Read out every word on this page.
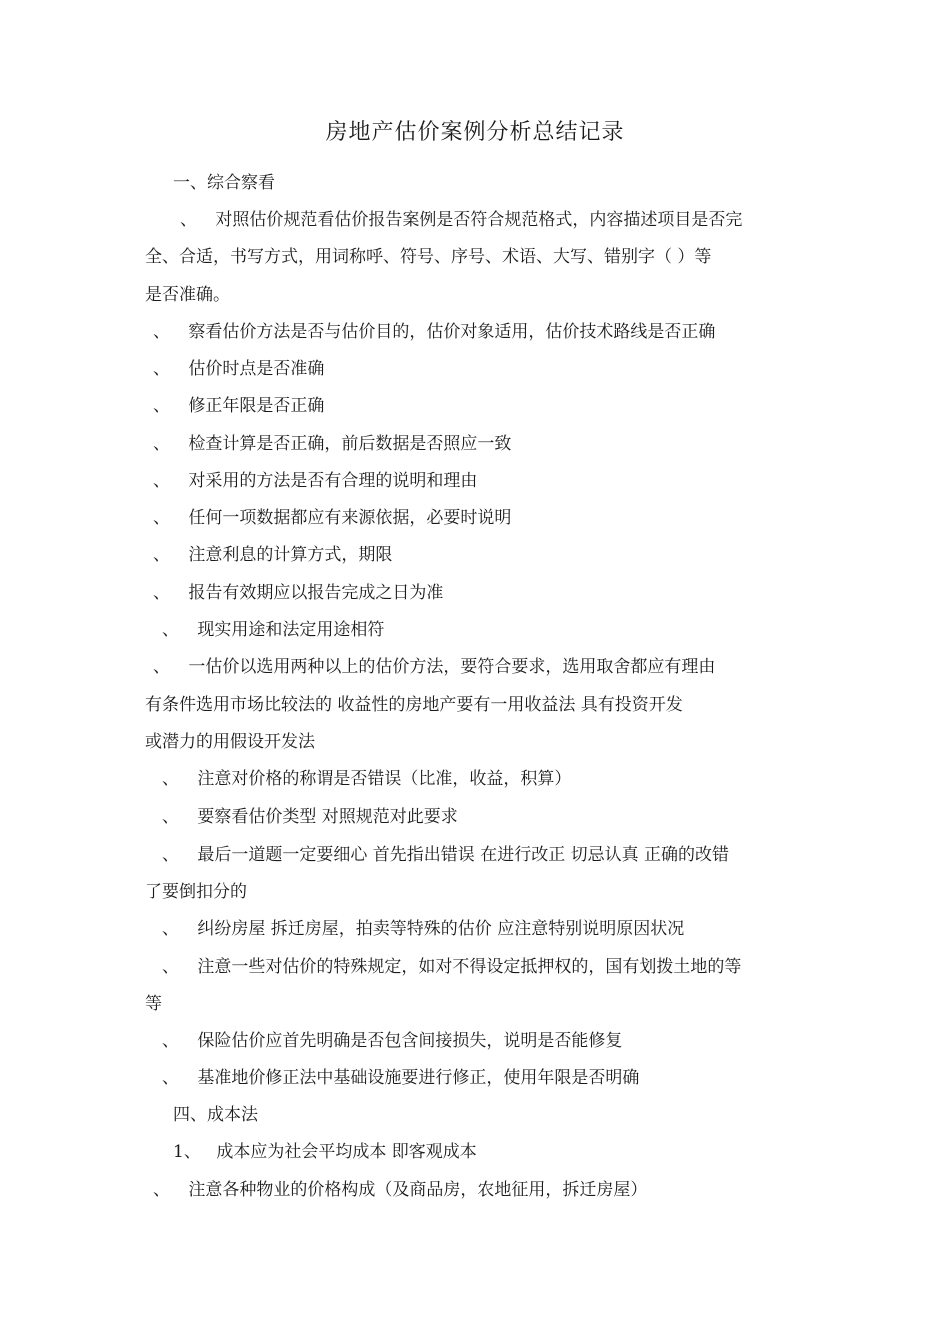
房地产估价案例分析总结记录
一、综合察看
、 对照估价规范看估价报告案例是否符合规范格式，内容描述项目是否完
全、合适，书写方式，用词称呼、符号、序号、术语、大写、错别字（ ）等
是否准确。
、 察看估价方法是否与估价目的，估价对象适用，估价技术路线是否正确
、 估价时点是否准确
、 修正年限是否正确
、 检查计算是否正确，前后数据是否照应一致
、 对采用的方法是否有合理的说明和理由
、 任何一项数据都应有来源依据，必要时说明
、 注意利息的计算方式，期限
、 报告有效期应以报告完成之日为准
、 现实用途和法定用途相符
、 一估价以选用两种以上的估价方法，要符合要求，选用取舍都应有理由
有条件选用市场比较法的 收益性的房地产要有一用收益法 具有投资开发
或潜力的用假设开发法
、 注意对价格的称谓是否错误（比准，收益，积算）
、 要察看估价类型 对照规范对此要求
、 最后一道题一定要细心 首先指出错误 在进行改正 切忌认真 正确的改错
了要倒扣分的
、 纠纷房屋 拆迁房屋，拍卖等特殊的估价 应注意特别说明原因状况
、 注意一些对估价的特殊规定，如对不得设定抵押权的，国有划拨土地的等
等
、 保险估价应首先明确是否包含间接损失，说明是否能修复
、 基准地价修正法中基础设施要进行修正，使用年限是否明确
四、成本法
1、 成本应为社会平均成本 即客观成本
、 注意各种物业的价格构成（及商品房，农地征用，拆迁房屋）
